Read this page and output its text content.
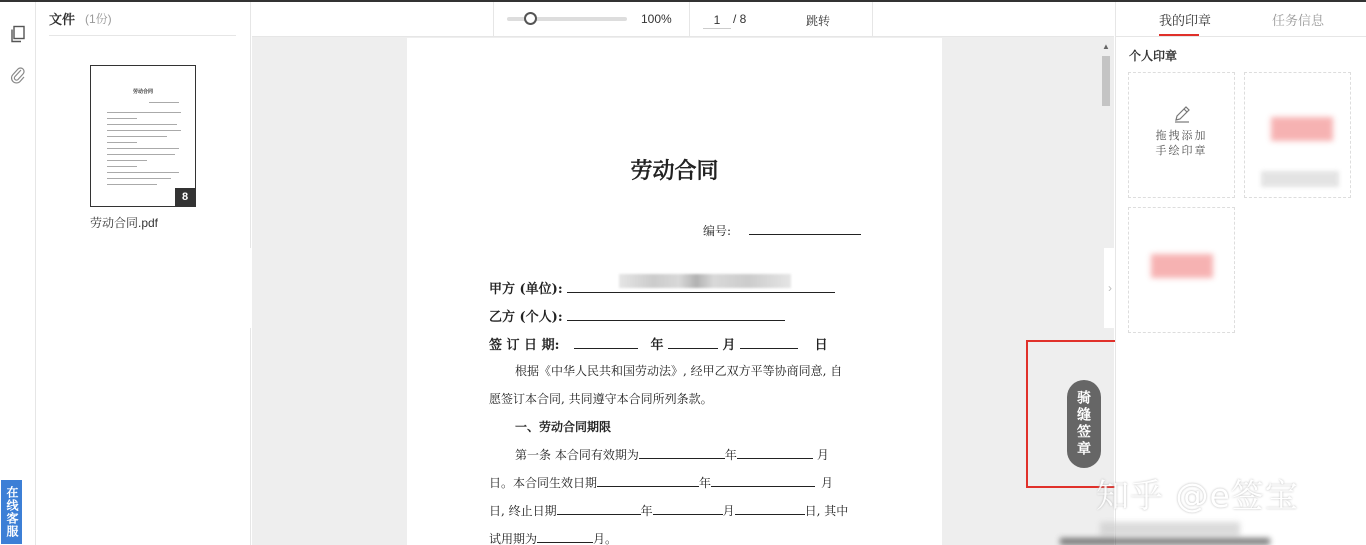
在线客服
文件 (1份)
劳动合同
8
劳动合同.pdf
100%
1	/ 8	跳转
劳动合同
编号:
甲方 (单位):
乙方 (个人):
签 订 日 期:	年	月	日
根据《中华人民共和国劳动法》, 经甲乙双方平等协商同意, 自
愿签订本合同, 共同遵守本合同所列条款。
一、劳动合同期限
第一条 本合同有效期为	年	月
日。本合同生效日期	年	月
日, 终止日期	年	月	日, 其中
试用期为	月。
▲
›
骑缝签章
我的印章	任务信息
个人印章
拖拽添加
手绘印章
知乎 @e签宝
